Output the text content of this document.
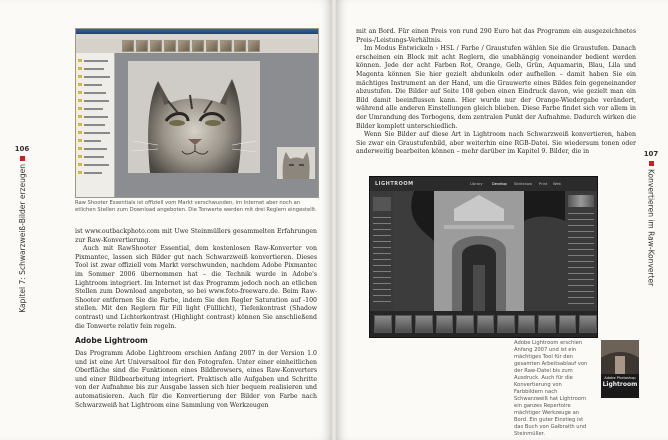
106
Kapitel 7: Schwarzweiß-Bilder erzeugen	Raw Shooter Essentials ist offiziell vom Markt verschwunden, im Internet aber noch an etlichen Stellen zum Download angeboten. Die Tonwerte werden mit drei Reglern eingestellt.

ist www.outbackphoto.com mit Uwe Steinmüllers gesammelten Erfahrungen zur Raw-Konvertierung.

Auch mit RawShooter Essential, dem kostenlosen Raw-Konverter von Pixmantec, lassen sich Bilder gut nach Schwarzweiß konvertieren. Dieses Tool ist zwar offiziell vom Markt verschwunden, nachdem Adobe Pixmantec im Sommer 2006 übernommen hat – die Technik wurde in Adobe's Lightroom integriert. Im Internet ist das Programm jedoch noch an etlichen Stellen zum Download angeboten, so bei www.foto-freeware.de. Beim Raw-Shooter entfernen Sie die Farbe, indem Sie den Regler Saturation auf -100 stellen. Mit den Reglern für Fill light (Fülllicht), Tiefenkontrast (Shadow contrast) und Lichterkontrast (Highlight contrast) können Sie anschließend die Tonwerte relativ fein regeln.

Adobe Lightroom

Das Programm Adobe Lightroom erschien Anfang 2007 in der Version 1.0 und ist eine Art Universaltool für den Fotografen. Unter einer einheitlichen Oberfläche sind die Funktionen eines Bildbrowsers, eines Raw-Konverters und einer Bildbearbeitung integriert. Praktisch alle Aufgaben und Schritte von der Aufnahme bis zur Ausgabe lassen sich hier bequem realisieren und automatisieren. Auch für die Konvertierung der Bilder von Farbe nach Schwarzweiß hat Lightroom eine Sammlung von Werkzeugen

107
Konvertieren im Raw-Konverter

mit an Bord. Für einen Preis von rund 290 Euro hat das Programm ein ausgezeichnetes Preis-/Leistungs-Verhältnis.

Im Modus Entwickeln › HSL / Farbe / Graustufen wählen Sie die Graustufen. Danach erscheinen ein Block mit acht Reglern, die unabhängig voneinander bedient werden können. Jede der acht Farben Rot, Orange, Gelb, Grün, Aquamarin, Blau, Lila und Magenta können Sie hier gezielt abdunkeln oder aufhellen – damit haben Sie ein mächtiges Instrument an der Hand, um die Grauwerte eines Bildes fein gegeneinander abzustufen. Die Bilder auf Seite 108 geben einen Eindruck davon, wie gezielt man ein Bild damit beeinflussen kann. Hier wurde nur der Orange-Wiedergabe verändert, während alle anderen Einstellungen gleich blieben. Diese Farbe findet sich vor allem in der Umrandung des Torbogens, dem zentralen Punkt der Aufnahme. Dadurch wirken die Bilder komplett unterschiedlich.

Wenn Sie Bilder auf diese Art in Lightroom nach Schwarzweiß konvertieren, haben Sie zwar ein Graustufenbild, aber weiterhin eine RGB-Datei. Sie wiedersum tonen oder anderweitig bearbeiten können – mehr darüber im Kapitel 9. Bilder, die in

LIGHTROOM	Library	Develop Slideshow Print Web
Adobe Lightroom erschien Anfang 2007 und ist ein mächtiges Tool für den gesamten Arbeitsablauf von der Raw-Datei bis zum Ausdruck. Auch für die Konvertierung von Farbbildern nach Schwarzweiß hat Lightroom ein ganzes Repertoire mächtiger Werkzeuge an Bord. Ein guter Einstieg ist das Buch von Galbraith und Steinmüller.
Adobe Photoshop
Lightroom
